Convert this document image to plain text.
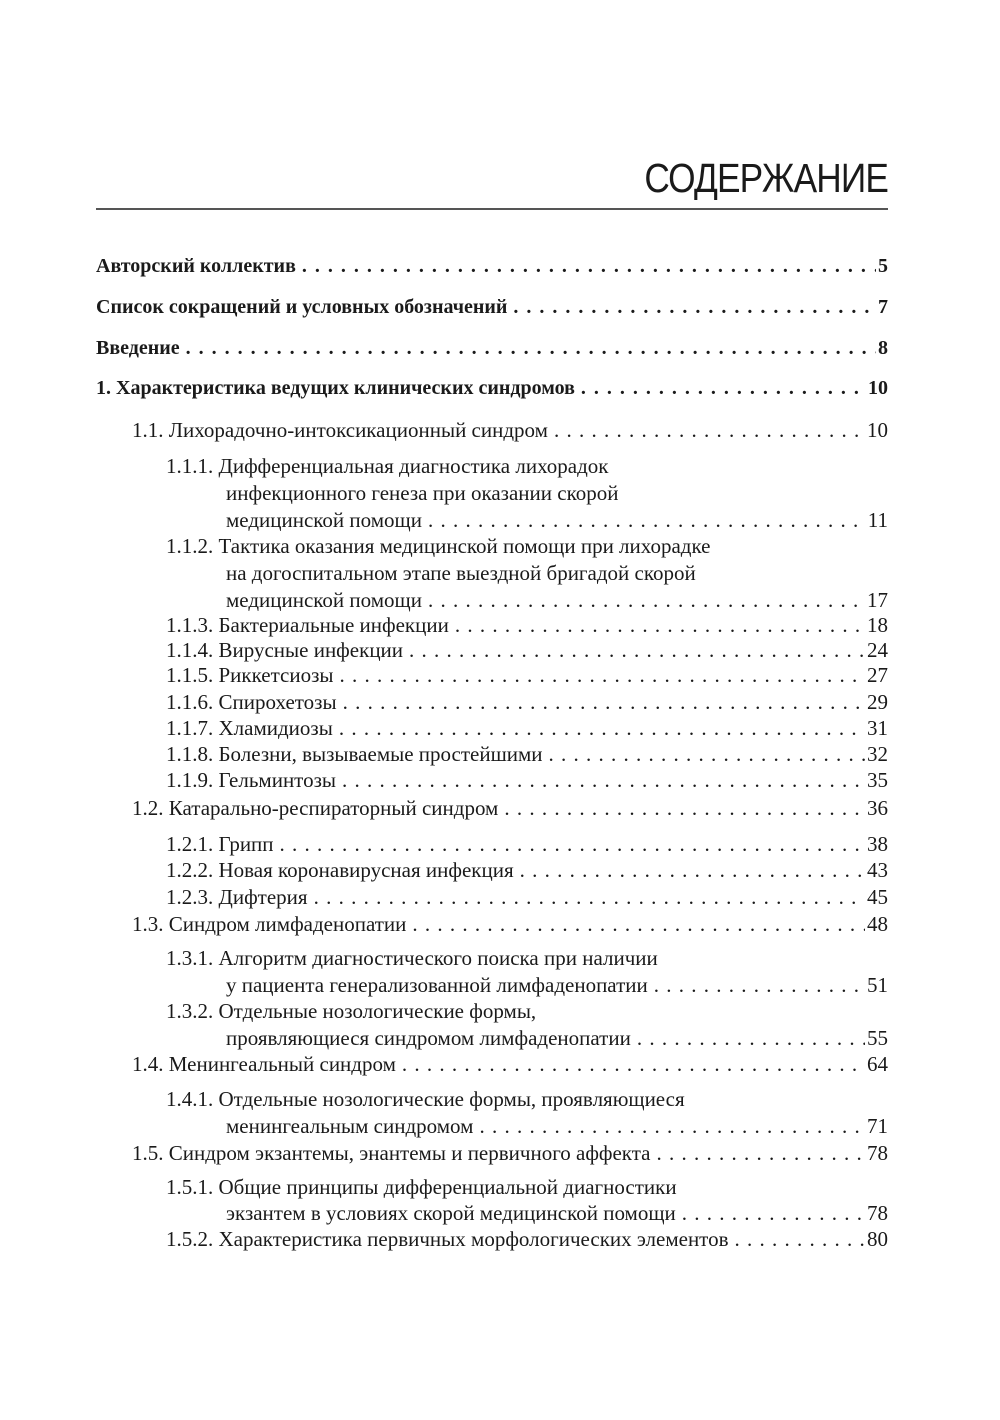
СОДЕРЖАНИЕ
Авторский коллектив . . .	5
Список сокращений и условных обозначений . . .	7
Введение . . .	8
1. Характеристика ведущих клинических синдромов . . .	10
1.1. Лихорадочно-интоксикационный синдром . . .	10
1.1.1. Дифференциальная диагностика лихорадок
инфекционного генеза при оказании скорой
медицинской помощи . . .	11
1.1.2. Тактика оказания медицинской помощи при лихорадке
на догоспитальном этапе выездной бригадой скорой
медицинской помощи . . .	17
1.1.3. Бактериальные инфекции . . .	18
1.1.4. Вирусные инфекции . . .	24
1.1.5. Риккетсиозы . . .	27
1.1.6. Спирохетозы . . .	29
1.1.7. Хламидиозы . . .	31
1.1.8. Болезни, вызываемые простейшими . . .	32
1.1.9. Гельминтозы . . .	35
1.2. Катарально-респираторный синдром . . .	36
1.2.1. Грипп . . .	38
1.2.2. Новая коронавирусная инфекция . . .	43
1.2.3. Дифтерия . . .	45
1.3. Синдром лимфаденопатии . . .	48
1.3.1. Алгоритм диагностического поиска при наличии
у пациента генерализованной лимфаденопатии . . .	51
1.3.2. Отдельные нозологические формы,
проявляющиеся синдромом лимфаденопатии . . .	55
1.4. Менингеальный синдром . . .	64
1.4.1. Отдельные нозологические формы, проявляющиеся
менингеальным синдромом . . .	71
1.5. Синдром экзантемы, энантемы и первичного аффекта . . .	78
1.5.1. Общие принципы дифференциальной диагностики
экзантем в условиях скорой медицинской помощи . . .	78
1.5.2. Характеристика первичных морфологических элементов . . .	80
